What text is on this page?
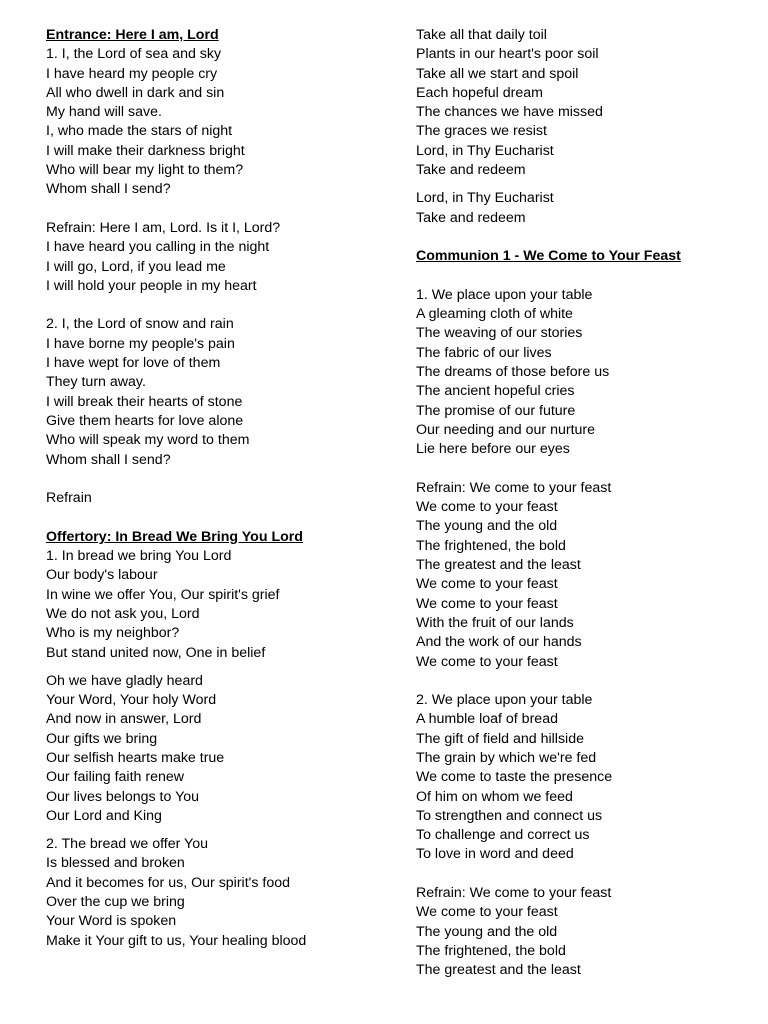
Entrance: Here I am, Lord
1. I, the Lord of sea and sky
I have heard my people cry
All who dwell in dark and sin
My hand will save.
I, who made the stars of night
I will make their darkness bright
Who will bear my light to them?
Whom shall I send?
Refrain: Here I am, Lord. Is it I, Lord?
I have heard you calling in the night
I will go, Lord, if you lead me
I will hold your people in my heart
2. I, the Lord of snow and rain
I have borne my people's pain
I have wept for love of them
They turn away.
I will break their hearts of stone
Give them hearts for love alone
Who will speak my word to them
Whom shall I send?
Refrain
Offertory: In Bread We Bring You Lord
1. In bread we bring You Lord
Our body's labour
In wine we offer You, Our spirit's grief
We do not ask you, Lord
Who is my neighbor?
But stand united now, One in belief
Oh we have gladly heard
Your Word, Your holy Word
And now in answer, Lord
Our gifts we bring
Our selfish hearts make true
Our failing faith renew
Our lives belongs to You
Our Lord and King
2. The bread we offer You
Is blessed and broken
And it becomes for us, Our spirit's food
Over the cup we bring
Your Word is spoken
Make it Your gift to us, Your healing blood
Take all that daily toil
Plants in our heart's poor soil
Take all we start and spoil
Each hopeful dream
The chances we have missed
The graces we resist
Lord, in Thy Eucharist
Take and redeem
Lord, in Thy Eucharist
Take and redeem
Communion 1 - We Come to Your Feast
1. We place upon your table
A gleaming cloth of white
The weaving of our stories
The fabric of our lives
The dreams of those before us
The ancient hopeful cries
The promise of our future
Our needing and our nurture
Lie here before our eyes
Refrain: We come to your feast
We come to your feast
The young and the old
The frightened, the bold
The greatest and the least
We come to your feast
We come to your feast
With the fruit of our lands
And the work of our hands
We come to your feast
2. We place upon your table
A humble loaf of bread
The gift of field and hillside
The grain by which we're fed
We come to taste the presence
Of him on whom we feed
To strengthen and connect us
To challenge and correct us
To love in word and deed
Refrain: We come to your feast
We come to your feast
The young and the old
The frightened, the bold
The greatest and the least
